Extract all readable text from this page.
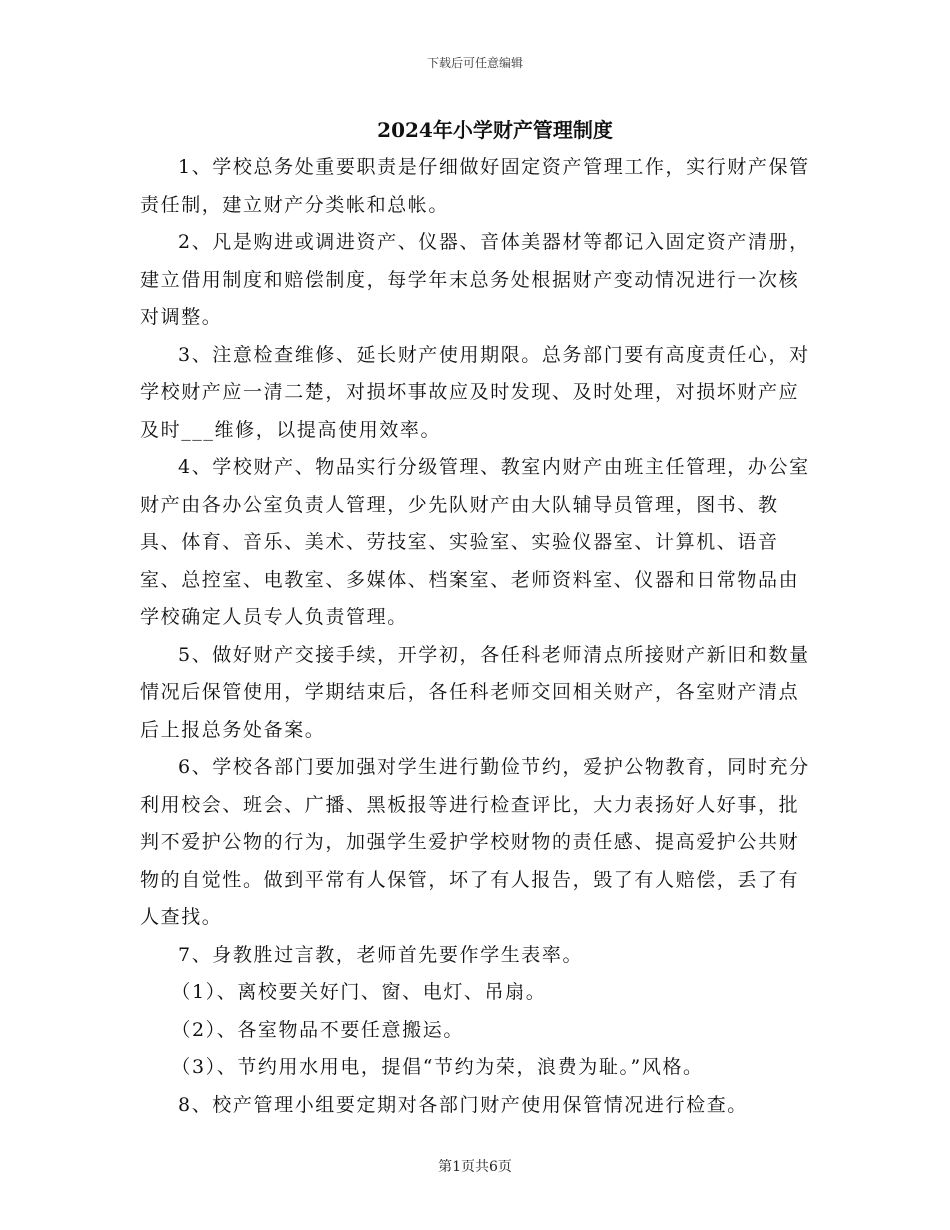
下载后可任意编辑
2024年小学财产管理制度

1、学校总务处重要职责是仔细做好固定资产管理工作，实行财产保管责任制，建立财产分类帐和总帐。

2、凡是购进或调进资产、仪器、音体美器材等都记入固定资产清册，建立借用制度和赔偿制度，每学年末总务处根据财产变动情况进行一次核对调整。

3、注意检查维修、延长财产使用期限。总务部门要有高度责任心，对学校财产应一清二楚，对损坏事故应及时发现、及时处理，对损坏财产应及时___维修，以提高使用效率。

4、学校财产、物品实行分级管理、教室内财产由班主任管理，办公室财产由各办公室负责人管理，少先队财产由大队辅导员管理，图书、教具、体育、音乐、美术、劳技室、实验室、实验仪器室、计算机、语音室、总控室、电教室、多媒体、档案室、老师资料室、仪器和日常物品由学校确定人员专人负责管理。

5、做好财产交接手续，开学初，各任科老师清点所接财产新旧和数量情况后保管使用，学期结束后，各任科老师交回相关财产，各室财产清点后上报总务处备案。

6、学校各部门要加强对学生进行勤俭节约，爱护公物教育，同时充分利用校会、班会、广播、黑板报等进行检查评比，大力表扬好人好事，批判不爱护公物的行为，加强学生爱护学校财物的责任感、提高爱护公共财物的自觉性。做到平常有人保管，坏了有人报告，毁了有人赔偿，丢了有人查找。

7、身教胜过言教，老师首先要作学生表率。

（1）、离校要关好门、窗、电灯、吊扇。

（2）、各室物品不要任意搬运。

（3）、节约用水用电，提倡“节约为荣，浪费为耻。”风格。

8、校产管理小组要定期对各部门财产使用保管情况进行检查。

第1页共6页
